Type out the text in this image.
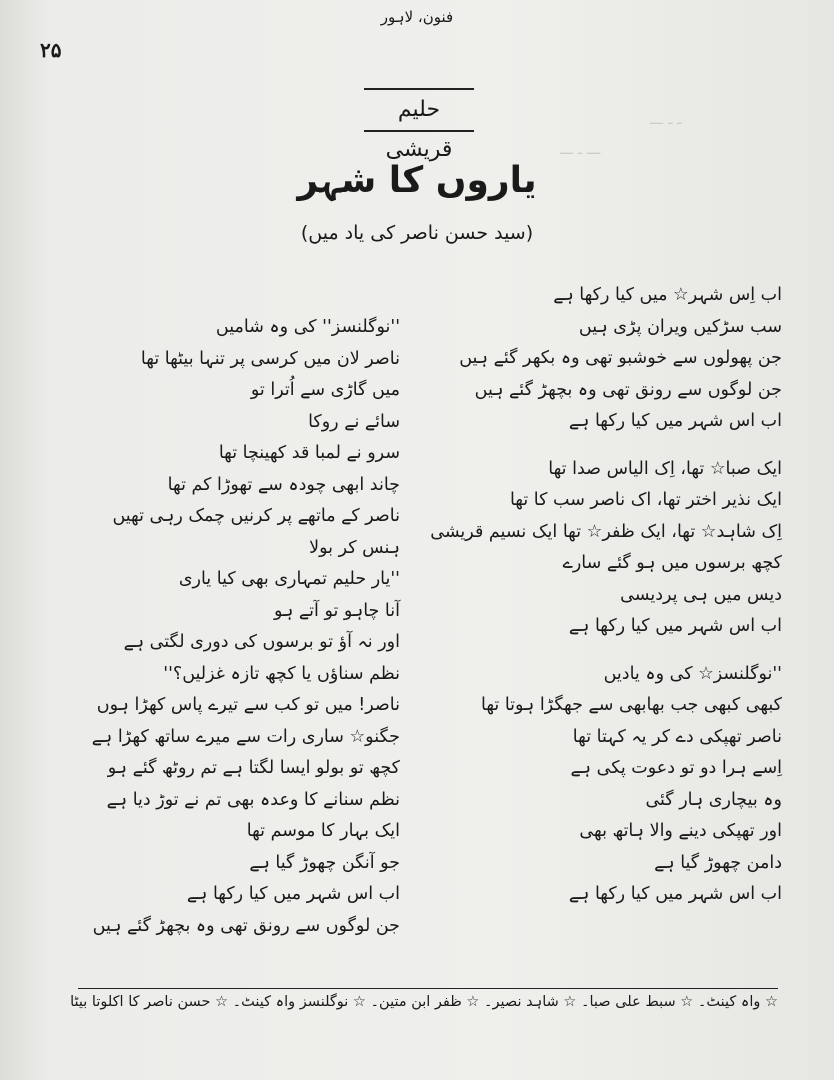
ـــ ـ ـــ
ـ ـ ـــ
فنون، لاہور
۲۵
حلیم قریشی
یاروں کا شہر
(سید حسن ناصر کی یاد میں)
اب اِس شہر☆ میں کیا رکھا ہے
سب سڑکیں ویران پڑی ہیں
جن پھولوں سے خوشبو تھی وہ بکھر گئے ہیں
جن لوگوں سے رونق تھی وہ بچھڑ گئے ہیں
اب اس شہر میں کیا رکھا ہے
ایک صبا☆ تھا، اِک الیاس صدا تھا
ایک نذیر اختر تھا، اک ناصر سب کا تھا
اِک شاہد☆ تھا، ایک ظفر☆ تھا ایک نسیم قریشی
کچھ برسوں میں ہو گئے سارے
دیس میں ہی پردیسی
اب اس شہر میں کیا رکھا ہے
''نوگلنسز☆ کی وہ یادیں
کبھی کبھی جب بھابھی سے جھگڑا ہوتا تھا
ناصر تھپکی دے کر یہ کہتا تھا
اِسے ہرا دو تو دعوت پکی ہے
وہ بیچاری ہار گئی
اور تھپکی دینے والا ہاتھ بھی
دامن چھوڑ گیا ہے
اب اس شہر میں کیا رکھا ہے
''نوگلنسز'' کی وہ شامیں
ناصر لان میں کرسی پر تنہا بیٹھا تھا
میں گاڑی سے اُترا تو
سائے نے روکا
سرو نے لمبا قد کھینچا تھا
چاند ابھی چودہ سے تھوڑا کم تھا
ناصر کے ماتھے پر کرنیں چمک رہی تھیں
ہنس کر بولا
''یار حلیم تمہاری بھی کیا یاری
آنا چاہو تو آتے ہو
اور نہ آؤ تو برسوں کی دوری لگتی ہے
نظم سناؤں یا کچھ تازہ غزلیں؟''
ناصر! میں تو کب سے تیرے پاس کھڑا ہوں
جگنو☆ ساری رات سے میرے ساتھ کھڑا ہے
کچھ تو بولو ایسا لگتا ہے تم روٹھ گئے ہو
نظم سنانے کا وعدہ بھی تم نے توڑ دیا ہے
ایک بہار کا موسم تھا
جو آنگن چھوڑ گیا ہے
اب اس شہر میں کیا رکھا ہے
جن لوگوں سے رونق تھی وہ بچھڑ گئے ہیں
☆ واہ کینٹ۔ ☆ سبط علی صبا۔ ☆ شاہد نصیر۔ ☆ ظفر ابن متین۔ ☆ نوگلنسز واہ کینٹ۔ ☆ حسن ناصر کا اکلوتا بیٹا
